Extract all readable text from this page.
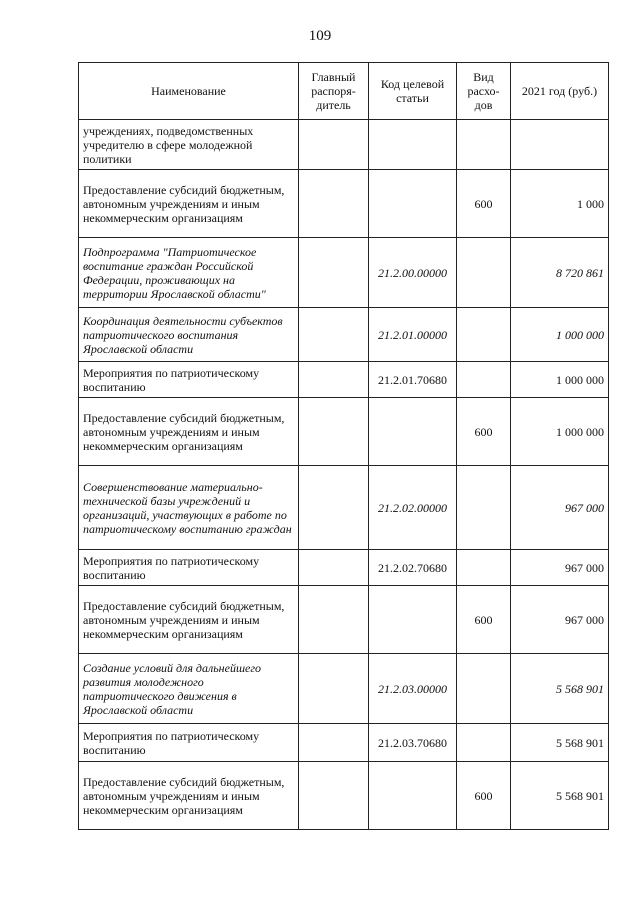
109
Наименование	Главный распоря-дитель	Код целевой статьи	Вид расхо-дов	2021 год (руб.)
учреждениях, подведомственных учредителю в сфере молодежной политики				
Предоставление субсидий бюджетным, автономным учреждениям и иным некоммерческим организациям			600	1 000
Подпрограмма "Патриотическое воспитание граждан Российской Федерации, проживающих на территории Ярославской области"		21.2.00.00000		8 720 861
Координация деятельности субъектов патриотического воспитания Ярославской области		21.2.01.00000		1 000 000
Мероприятия по патриотическому воспитанию		21.2.01.70680		1 000 000
Предоставление субсидий бюджетным, автономным учреждениям и иным некоммерческим организациям			600	1 000 000
Совершенствование материально-технической базы учреждений и организаций, участвующих в работе по патриотическому воспитанию граждан		21.2.02.00000		967 000
Мероприятия по патриотическому воспитанию		21.2.02.70680		967 000
Предоставление субсидий бюджетным, автономным учреждениям и иным некоммерческим организациям			600	967 000
Создание условий для дальнейшего развития молодежного патриотического движения в Ярославской области		21.2.03.00000		5 568 901
Мероприятия по патриотическому воспитанию		21.2.03.70680		5 568 901
Предоставление субсидий бюджетным, автономным учреждениям и иным некоммерческим организациям			600	5 568 901
